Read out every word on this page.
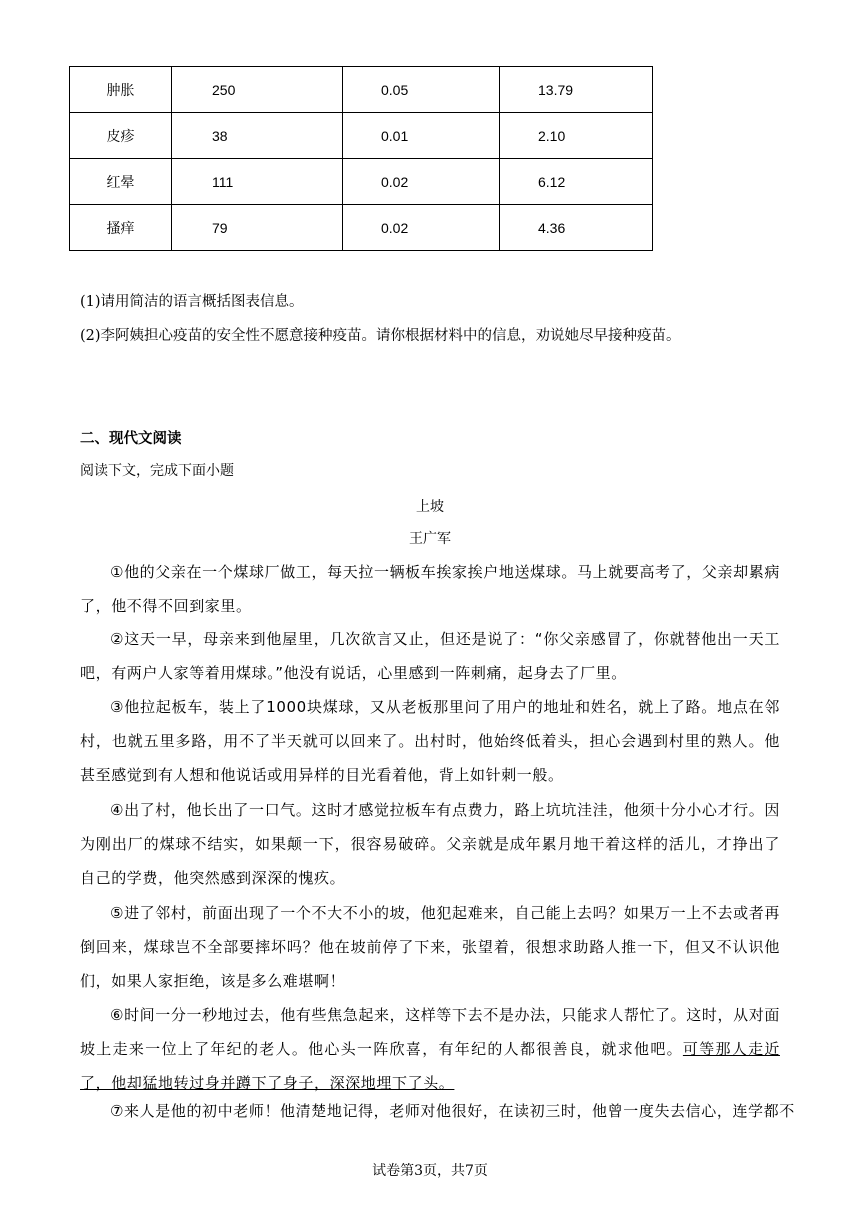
肿胀	250	0.05	13.79
皮疹	38	0.01	2.10
红晕	111	0.02	6.12
搔痒	79	0.02	4.36
(1)请用简洁的语言概括图表信息。
(2)李阿姨担心疫苗的安全性不愿意接种疫苗。请你根据材料中的信息，劝说她尽早接种疫苗。
二、现代文阅读
阅读下文，完成下面小题
上坡
王广军
①他的父亲在一个煤球厂做工，每天拉一辆板车挨家挨户地送煤球。马上就要高考了，父亲却累病了，他不得不回到家里。
②这天一早，母亲来到他屋里，几次欲言又止，但还是说了：“你父亲感冒了，你就替他出一天工吧，有两户人家等着用煤球。”他没有说话，心里感到一阵刺痛，起身去了厂里。
③他拉起板车，装上了1000块煤球，又从老板那里问了用户的地址和姓名，就上了路。地点在邻村，也就五里多路，用不了半天就可以回来了。出村时，他始终低着头，担心会遇到村里的熟人。他甚至感觉到有人想和他说话或用异样的目光看着他，背上如针刺一般。
④出了村，他长出了一口气。这时才感觉拉板车有点费力，路上坑坑洼洼，他须十分小心才行。因为刚出厂的煤球不结实，如果颠一下，很容易破碎。父亲就是成年累月地干着这样的活儿，才挣出了自己的学费，他突然感到深深的愧疚。
⑤进了邻村，前面出现了一个不大不小的坡，他犯起难来，自己能上去吗？如果万一上不去或者再倒回来，煤球岂不全部要摔坏吗？他在坡前停了下来，张望着，很想求助路人推一下，但又不认识他们，如果人家拒绝，该是多么难堪啊！
⑥时间一分一秒地过去，他有些焦急起来，这样等下去不是办法，只能求人帮忙了。这时，从对面坡上走来一位上了年纪的老人。他心头一阵欣喜，有年纪的人都很善良，就求他吧。可等那人走近了，他却猛地转过身并蹲下了身子，深深地埋下了头。
⑦来人是他的初中老师！他清楚地记得，老师对他很好，在读初三时，他曾一度失去信心，连学都不
试卷第3页，共7页
